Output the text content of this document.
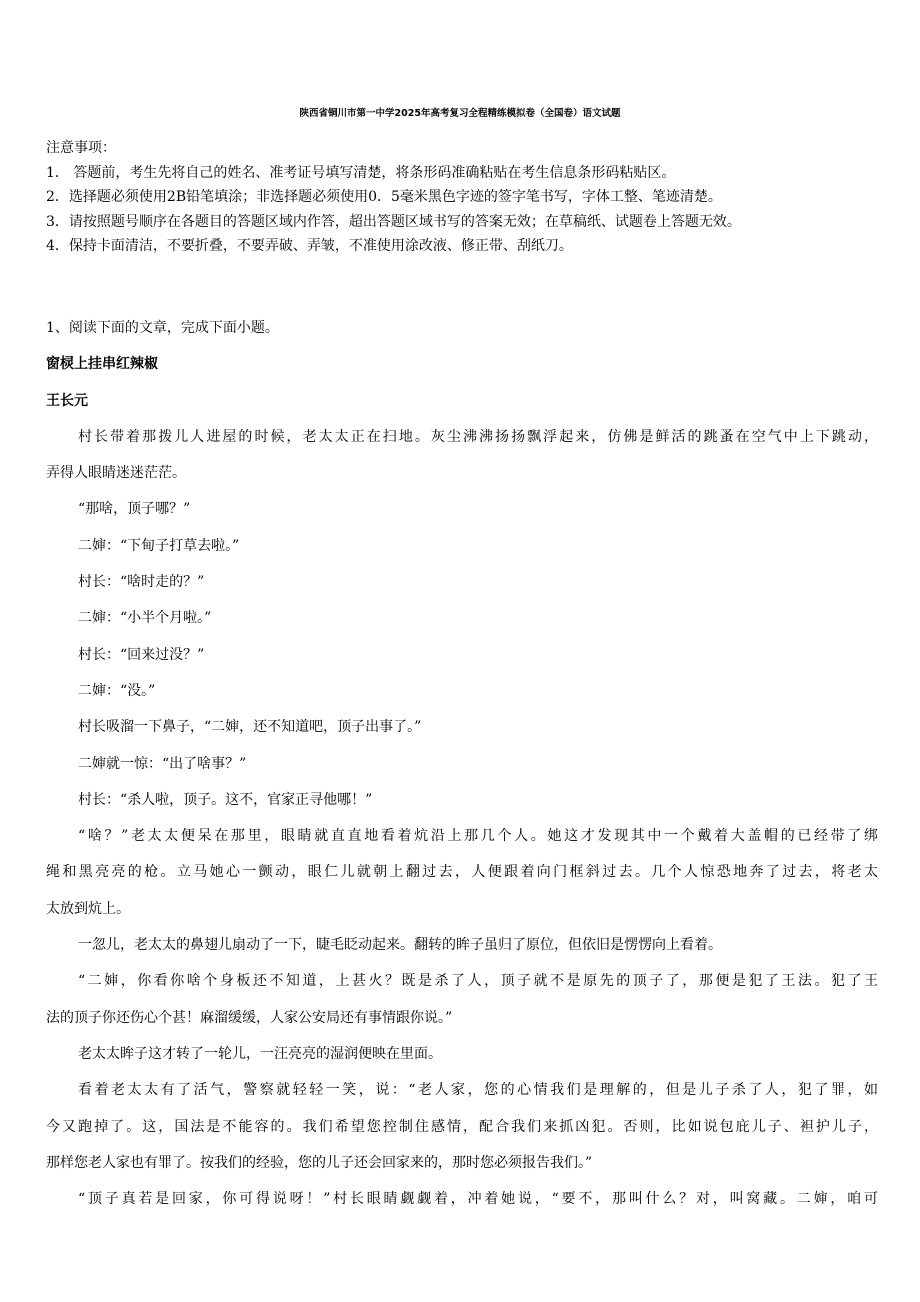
陕西省铜川市第一中学2025年高考复习全程精练模拟卷（全国卷）语文试题
注意事项：
1． 答题前，考生先将自己的姓名、准考证号填写清楚，将条形码准确粘贴在考生信息条形码粘贴区。
2．选择题必须使用2B铅笔填涂；非选择题必须使用0．5毫米黑色字迹的签字笔书写，字体工整、笔迹清楚。
3．请按照题号顺序在各题目的答题区域内作答，超出答题区域书写的答案无效；在草稿纸、试题卷上答题无效。
4．保持卡面清洁，不要折叠，不要弄破、弄皱，不准使用涂改液、修正带、刮纸刀。
1、阅读下面的文章，完成下面小题。
窗棂上挂串红辣椒
王长元
村长带着那拨儿人进屋的时候，老太太正在扫地。灰尘沸沸扬扬飘浮起来，仿佛是鲜活的跳蚤在空气中上下跳动，
弄得人眼睛迷迷茫茫。
“那啥，顶子哪？”
二婶：“下甸子打草去啦。”
村长：“啥时走的？”
二婶：“小半个月啦。”
村长：“回来过没？”
二婶：“没。”
村长吸溜一下鼻子，“二婶，还不知道吧，顶子出事了。”
二婶就一惊：“出了啥事？”
村长：“杀人啦，顶子。这不，官家正寻他哪！”
“啥？”老太太便呆在那里，眼睛就直直地看着炕沿上那几个人。她这才发现其中一个戴着大盖帽的已经带了绑
绳和黑亮亮的枪。立马她心一颤动，眼仁儿就朝上翻过去，人便跟着向门框斜过去。几个人惊恐地奔了过去，将老太
太放到炕上。
一忽儿，老太太的鼻翅儿扇动了一下，睫毛眨动起来。翻转的眸子虽归了原位，但依旧是愣愣向上看着。
“二婶，你看你啥个身板还不知道，上甚火？既是杀了人，顶子就不是原先的顶子了，那便是犯了王法。犯了王
法的顶子你还伤心个甚！麻溜缓缓，人家公安局还有事情跟你说。”
老太太眸子这才转了一轮儿，一汪亮亮的湿润便映在里面。
看着老太太有了活气，警察就轻轻一笑，说：“老人家，您的心情我们是理解的，但是儿子杀了人，犯了罪，如
今又跑掉了。这，国法是不能容的。我们希望您控制住感情，配合我们来抓凶犯。否则，比如说包庇儿子、袒护儿子，
那样您老人家也有罪了。按我们的经验，您的儿子还会回家来的，那时您必须报告我们。”
“顶子真若是回家，你可得说呀！”村长眼睛觑觑着，冲着她说，“要不，那叫什么？对，叫窝藏。二婶，咱可
